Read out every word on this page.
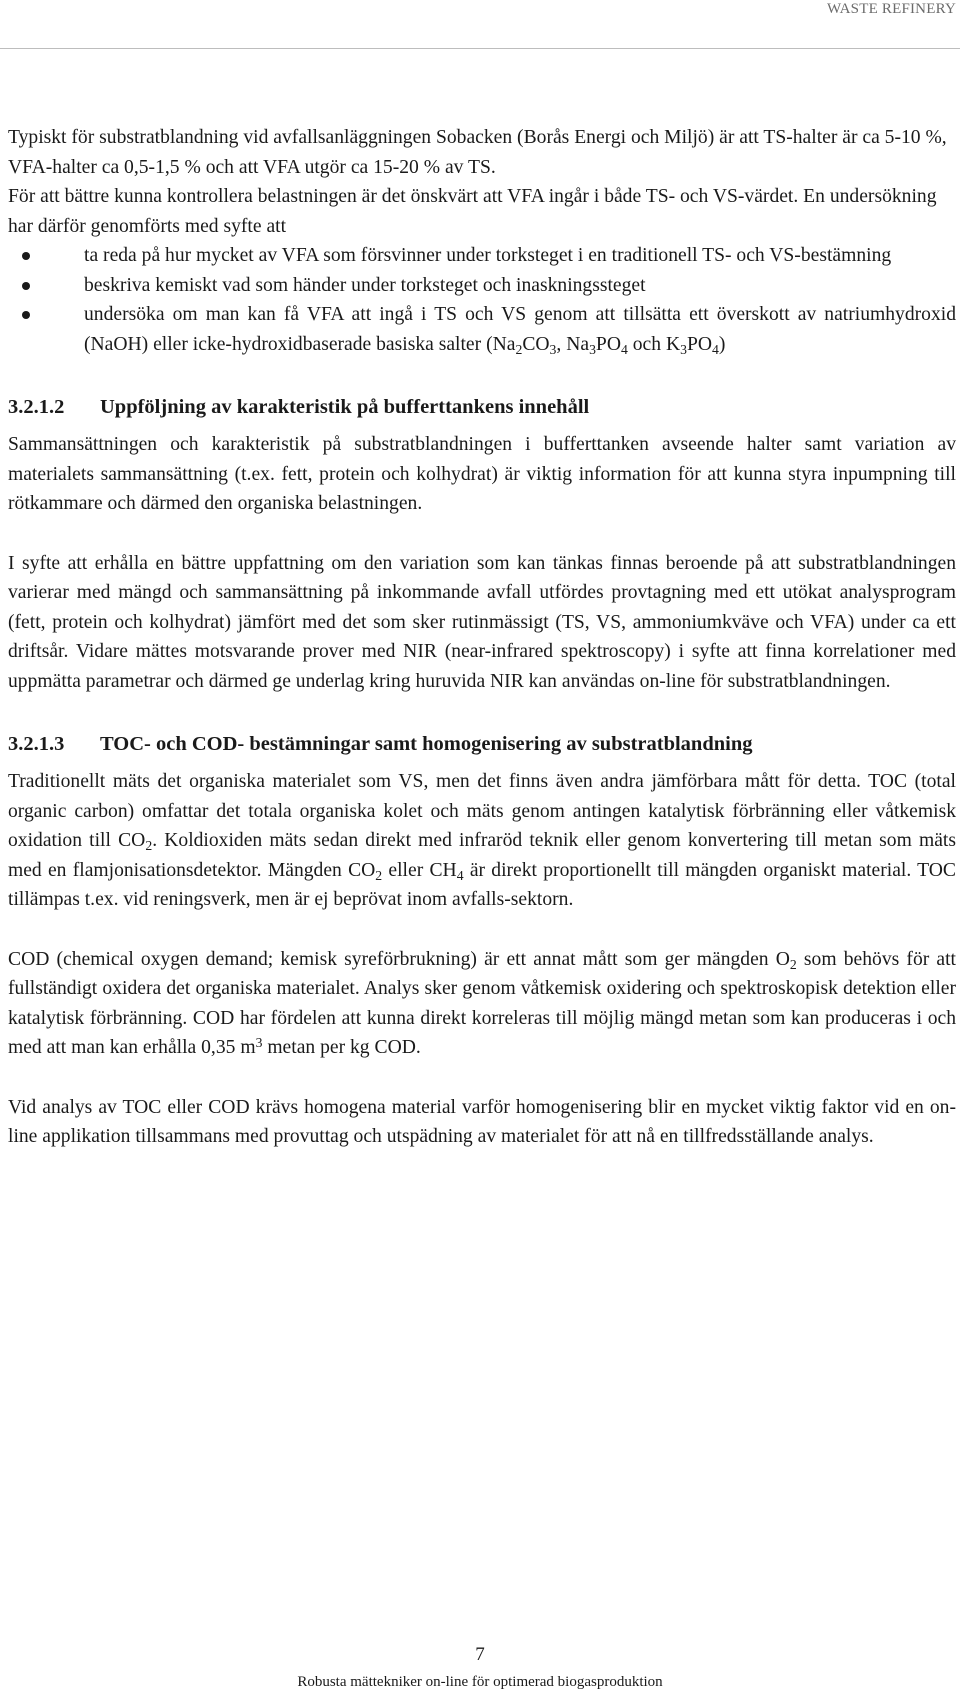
WASTE REFINERY

Typiskt för substratblandning vid avfallsanläggningen Sobacken (Borås Energi och Miljö) är att TS-halter är ca 5-10 %, VFA-halter ca 0,5-1,5 % och att VFA utgör ca 15-20 % av TS.

För att bättre kunna kontrollera belastningen är det önskvärt att VFA ingår i både TS- och VS-värdet. En undersökning har därför genomförts med syfte att

ta reda på hur mycket av VFA som försvinner under torksteget i en traditionell TS- och VS-bestämning
beskriva kemiskt vad som händer under torksteget och inaskningssteget
undersöka om man kan få VFA att ingå i TS och VS genom att tillsätta ett överskott av natriumhydroxid (NaOH) eller icke-hydroxidbaserade basiska salter ($Na_2CO_3$, $Na_3PO_4$ och $K_3PO_4$)
3.2.1.2	Uppföljning av karakteristik på bufferttankens innehåll

Sammansättningen och karakteristik på substratblandningen i bufferttanken avseende halter samt variation av materialets sammansättning (t.ex. fett, protein och kolhydrat) är viktig information för att kunna styra inpumpning till rötkammare och därmed den organiska belastningen.

I syfte att erhålla en bättre uppfattning om den variation som kan tänkas finnas beroende på att substratblandningen varierar med mängd och sammansättning på inkommande avfall utfördes provtagning med ett utökat analysprogram (fett, protein och kolhydrat) jämfört med det som sker rutinmässigt (TS, VS, ammoniumkväve och VFA) under ca ett driftsår. Vidare mättes motsvarande prover med NIR (near-infrared spektroscopy) i syfte att finna korrelationer med uppmätta parametrar och därmed ge underlag kring huruvida NIR kan användas on-line för substratblandningen.

3.2.1.3	TOC- och COD- bestämningar samt homogenisering av substratblandning

Traditionellt mäts det organiska materialet som VS, men det finns även andra jämförbara mått för detta. TOC (total organic carbon) omfattar det totala organiska kolet och mäts genom antingen katalytisk förbränning eller våtkemisk oxidation till $CO_2$. Koldioxiden mäts sedan direkt med infraröd teknik eller genom konvertering till metan som mäts med en flamjonisationsdetektor. Mängden $CO_2$ eller $CH_4$ är direkt proportionellt till mängden organiskt material. TOC tillämpas t.ex. vid reningsverk, men är ej beprövat inom avfalls-sektorn.

COD (chemical oxygen demand; kemisk syreförbrukning) är ett annat mått som ger mängden $O_2$ som behövs för att fullständigt oxidera det organiska materialet. Analys sker genom våtkemisk oxidering och spektroskopisk detektion eller katalytisk förbränning. COD har fördelen att kunna direkt korreleras till möjlig mängd metan som kan produceras i och med att man kan erhålla 0,35 $m^3$ metan per kg COD.

Vid analys av TOC eller COD krävs homogena material varför homogenisering blir en mycket viktig faktor vid en on-line applikation tillsammans med provuttag och utspädning av materialet för att nå en tillfredsställande analys.

7
Robusta mättekniker on-line för optimerad biogasproduktion
